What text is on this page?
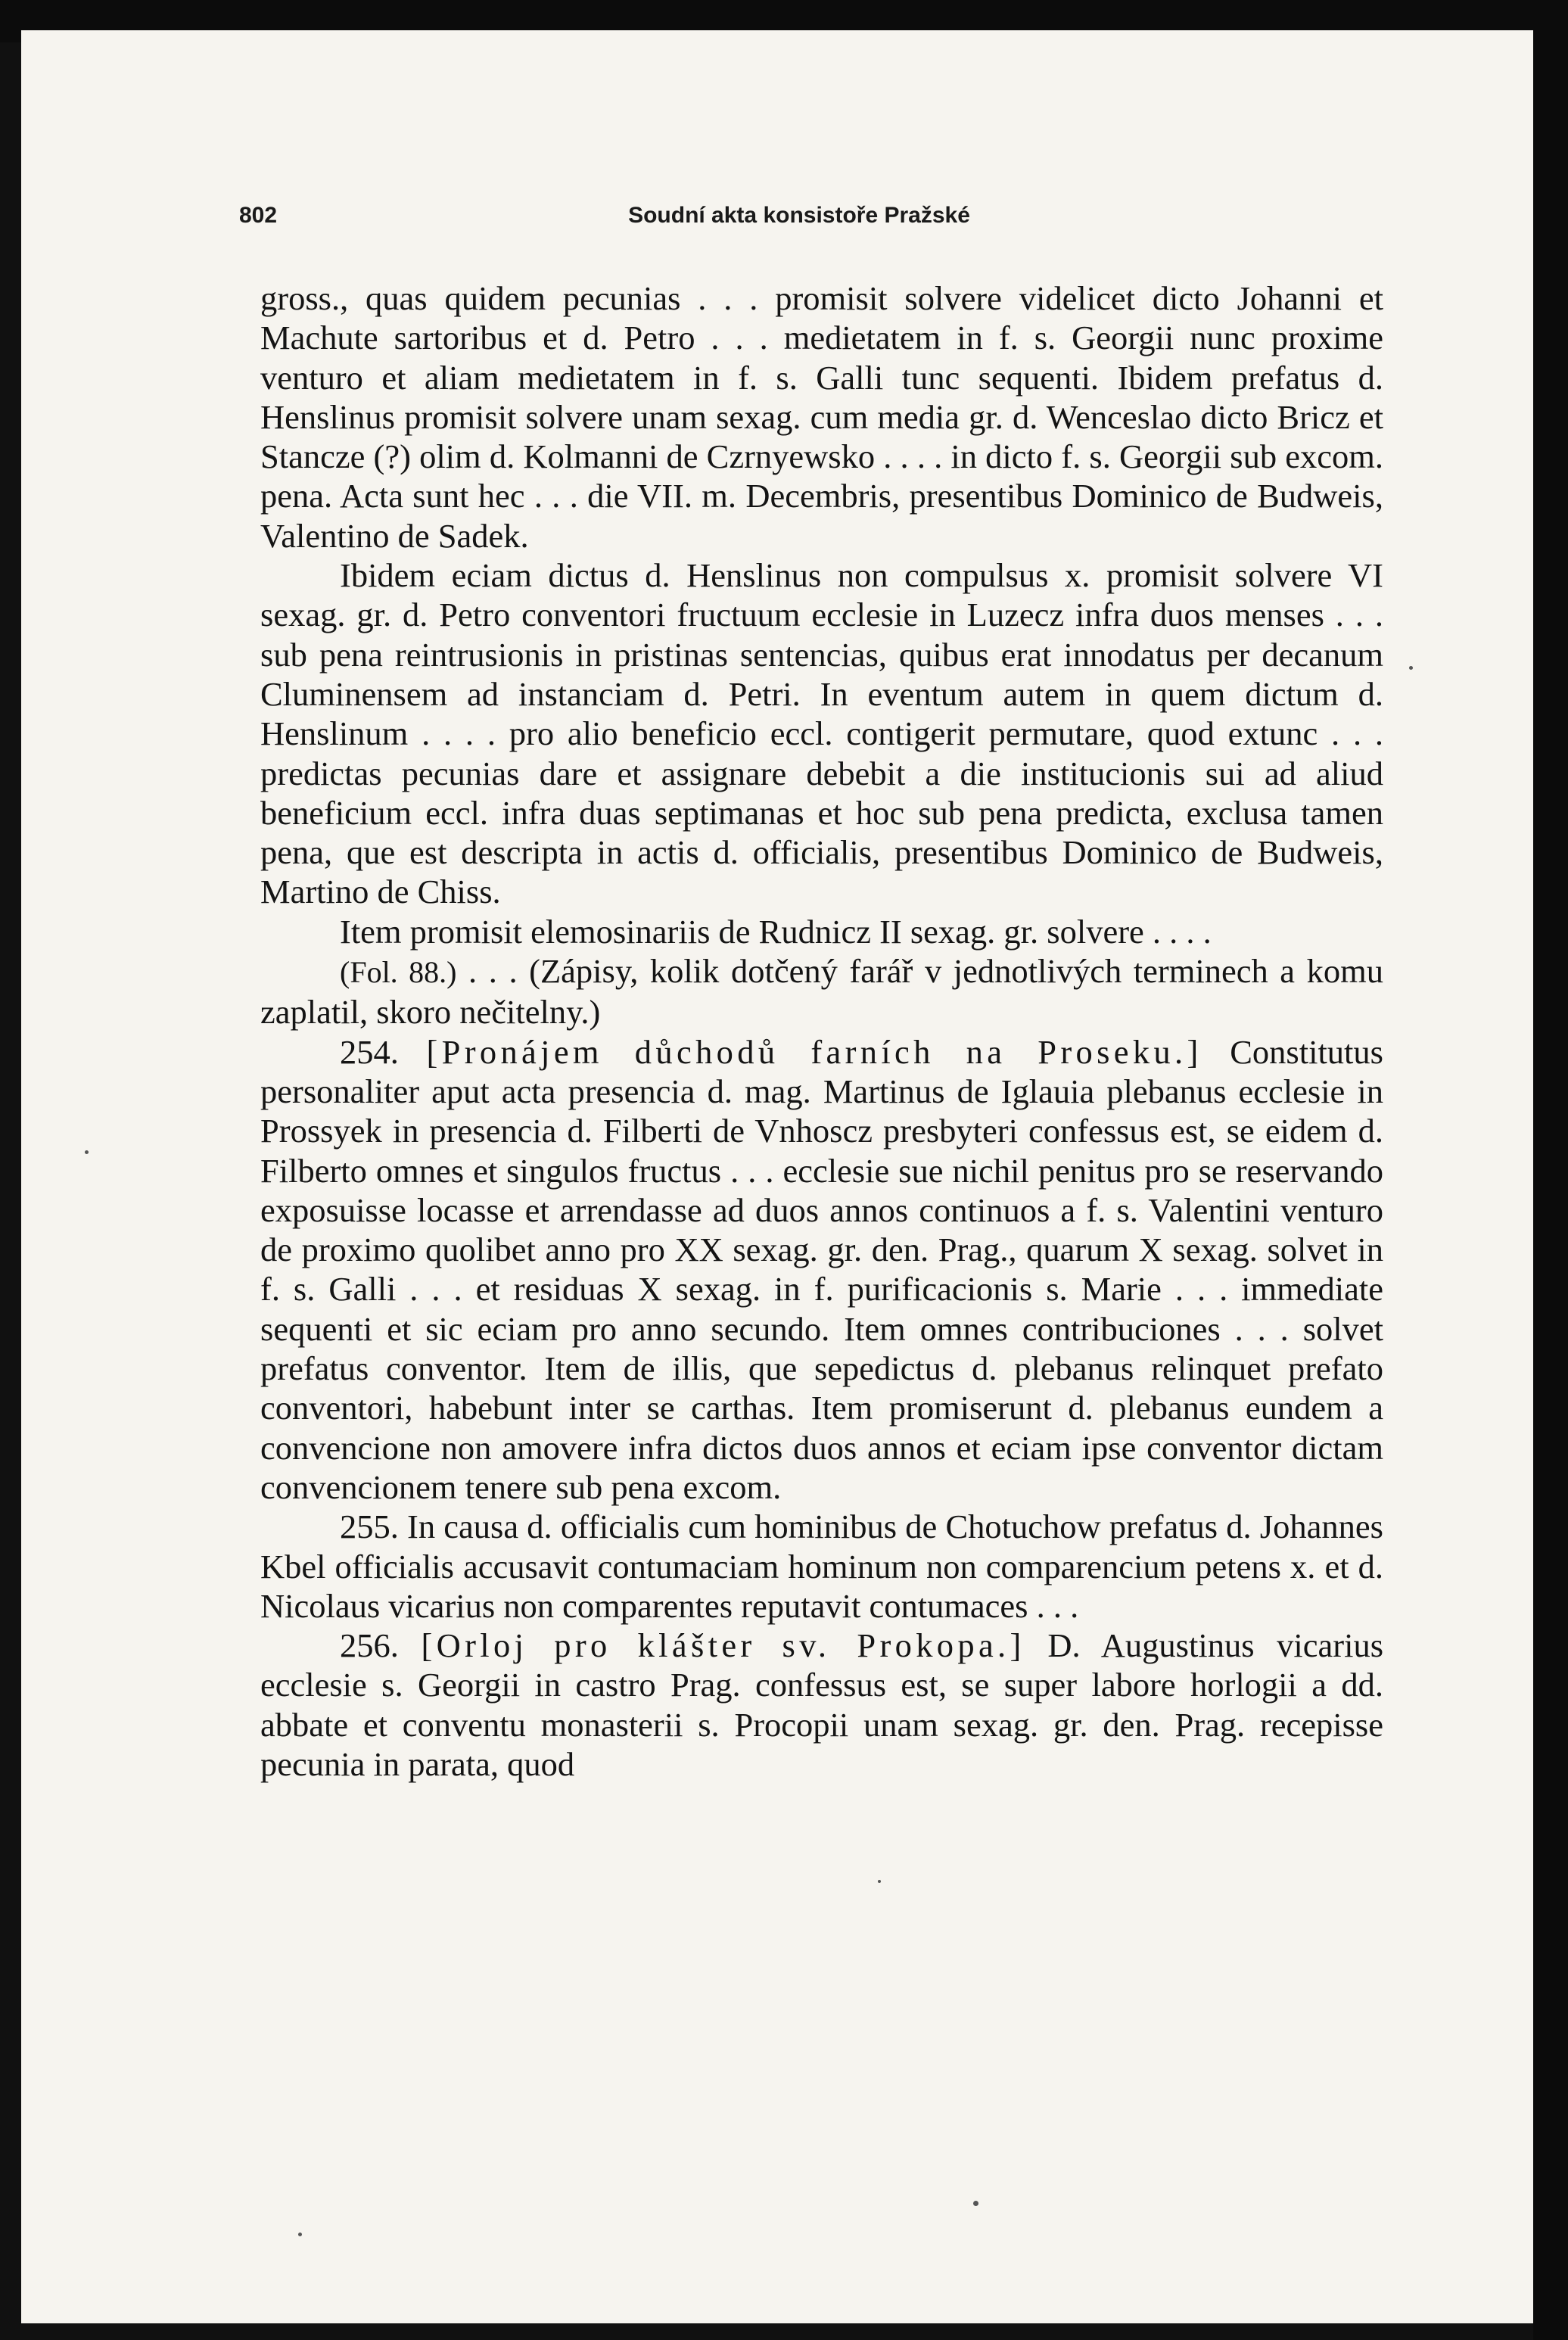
802	Soudní akta konsistoře Pražské

gross., quas quidem pecunias . . . promisit solvere videlicet dicto Johanni et Machute sartoribus et d. Petro . . . medietatem in f. s. Georgii nunc proxime venturo et aliam medietatem in f. s. Galli tunc sequenti. Ibidem prefatus d. Henslinus promisit solvere unam sexag. cum media gr. d. Wenceslao dicto Bricz et Stancze (?) olim d. Kolmanni de Czrnyewsko . . . . in dicto f. s. Georgii sub excom. pena. Acta sunt hec . . . die VII. m. Decembris, presentibus Dominico de Budweis, Valentino de Sadek.

Ibidem eciam dictus d. Henslinus non compulsus x. promisit solvere VI sexag. gr. d. Petro conventori fructuum ecclesie in Luzecz infra duos menses . . . sub pena reintrusionis in pristinas sentencias, quibus erat innodatus per decanum Cluminensem ad instanciam d. Petri. In eventum autem in quem dictum d. Henslinum . . . . pro alio beneficio eccl. contigerit permutare, quod extunc . . . predictas pecunias dare et assignare debebit a die institucionis sui ad aliud beneficium eccl. infra duas septimanas et hoc sub pena predicta, exclusa tamen pena, que est descripta in actis d. officialis, presentibus Dominico de Budweis, Martino de Chiss.

Item promisit elemosinariis de Rudnicz II sexag. gr. solvere . . . .

(Fol. 88.) . . . (Zápisy, kolik dotčený farář v jednotlivých terminech a komu zaplatil, skoro nečitelny.)

254. [Pronájem důchodů farních na Proseku.] Constitutus personaliter aput acta presencia d. mag. Martinus de Iglauia plebanus ecclesie in Prossyek in presencia d. Filberti de Vnhoscz presbyteri confessus est, se eidem d. Filberto omnes et singulos fructus . . . ecclesie sue nichil penitus pro se reservando exposuisse locasse et arrendasse ad duos annos continuos a f. s. Valentini venturo de proximo quolibet anno pro XX sexag. gr. den. Prag., quarum X sexag. solvet in f. s. Galli . . . et residuas X sexag. in f. purificacionis s. Marie . . . immediate sequenti et sic eciam pro anno secundo. Item omnes contribuciones . . . solvet prefatus conventor. Item de illis, que sepedictus d. plebanus relinquet prefato conventori, habebunt inter se carthas. Item promiserunt d. plebanus eundem a convencione non amovere infra dictos duos annos et eciam ipse conventor dictam convencionem tenere sub pena excom.

255. In causa d. officialis cum hominibus de Chotuchow prefatus d. Johannes Kbel officialis accusavit contumaciam hominum non comparencium petens x. et d. Nicolaus vicarius non comparentes reputavit contumaces . . .

256. [Orloj pro klášter sv. Prokopa.] D. Augustinus vicarius ecclesie s. Georgii in castro Prag. confessus est, se super labore horlogii a dd. abbate et conventu monasterii s. Procopii unam sexag. gr. den. Prag. recepisse pecunia in parata, quod
